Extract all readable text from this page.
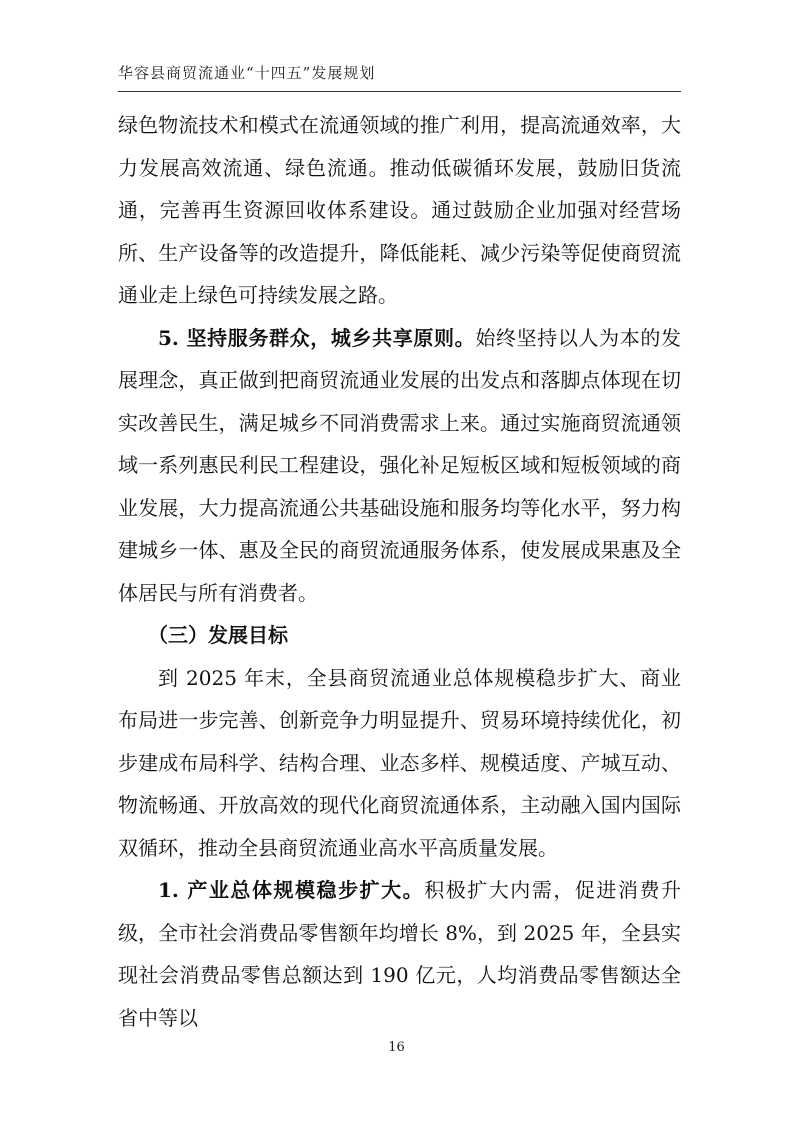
华容县商贸流通业“十四五”发展规划

绿色物流技术和模式在流通领域的推广利用，提高流通效率，大力发展高效流通、绿色流通。推动低碳循环发展，鼓励旧货流通，完善再生资源回收体系建设。通过鼓励企业加强对经营场所、生产设备等的改造提升，降低能耗、减少污染等促使商贸流通业走上绿色可持续发展之路。

5. 坚持服务群众，城乡共享原则。始终坚持以人为本的发展理念，真正做到把商贸流通业发展的出发点和落脚点体现在切实改善民生，满足城乡不同消费需求上来。通过实施商贸流通领域一系列惠民利民工程建设，强化补足短板区域和短板领域的商业发展，大力提高流通公共基础设施和服务均等化水平，努力构建城乡一体、惠及全民的商贸流通服务体系，使发展成果惠及全体居民与所有消费者。

（三）发展目标

到 2025 年末，全县商贸流通业总体规模稳步扩大、商业布局进一步完善、创新竞争力明显提升、贸易环境持续优化，初步建成布局科学、结构合理、业态多样、规模适度、产城互动、物流畅通、开放高效的现代化商贸流通体系，主动融入国内国际双循环，推动全县商贸流通业高水平高质量发展。

1. 产业总体规模稳步扩大。积极扩大内需，促进消费升级，全市社会消费品零售额年均增长 8%，到 2025 年，全县实现社会消费品零售总额达到 190 亿元，人均消费品零售额达全省中等以

16
